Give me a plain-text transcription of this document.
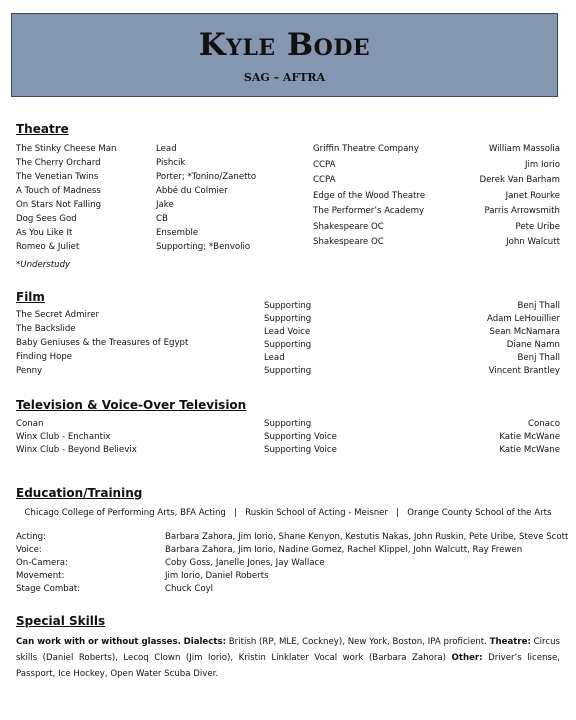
Kyle Bode
SAG – AFTRA
Theatre
The Stinky Cheese Man
The Cherry Orchard
The Venetian Twins
A Touch of Madness
On Stars Not Falling
Dog Sees God
As You Like It
Romeo & Juliet
Lead
Pishcik
Porter; *Tonino/Zanetto
Abbé du Colmier
Jake
CB
Ensemble
Supporting; *Benvolio
Griffin Theatre Company
CCPA
CCPA
Edge of the Wood Theatre
The Performer’s Academy
Shakespeare OC
Shakespeare OC
William Massolia
Jim Iorio
Derek Van Barham
Janet Rourke
Parris Arrowsmith
Pete Uribe
John Walcutt
*Understudy
Film
The Secret Admirer
The Backslide
Baby Geniuses & the Treasures of Egypt
Finding Hope
Penny
Supporting
Supporting
Lead Voice
Supporting
Lead
Supporting
Benj Thall
Adam LeHouillier
Sean McNamara
Diane Namn
Benj Thall
Vincent Brantley
Television & Voice-Over Television
Conan
Winx Club - Enchantix
Winx Club - Beyond Believix
Supporting
Supporting Voice
Supporting Voice
Conaco
Katie McWane
Katie McWane
Education/Training
Chicago College of Performing Arts, BFA Acting   |   Ruskin School of Acting - Meisner   |   Orange County School of the Arts
Acting:
Voice:
On-Camera:
Movement:
Stage Combat:
Barbara Zahora, Jim Iorio, Shane Kenyon, Kestutis Nakas, John Ruskin, Pete Uribe, Steve Scott
Barbara Zahora, Jim Iorio, Nadine Gomez, Rachel Klippel, John Walcutt, Ray Frewen
Coby Goss, Janelle Jones, Jay Wallace
Jim Iorio, Daniel Roberts
Chuck Coyl
Special Skills
Can work with or without glasses. Dialects: British (RP, MLE, Cockney), New York, Boston, IPA proficient. Theatre: Circus skills (Daniel Roberts), Lecoq Clown (Jim Iorio), Kristin Linklater Vocal work (Barbara Zahora) Other: Driver’s license, Passport, Ice Hockey, Open Water Scuba Diver.
